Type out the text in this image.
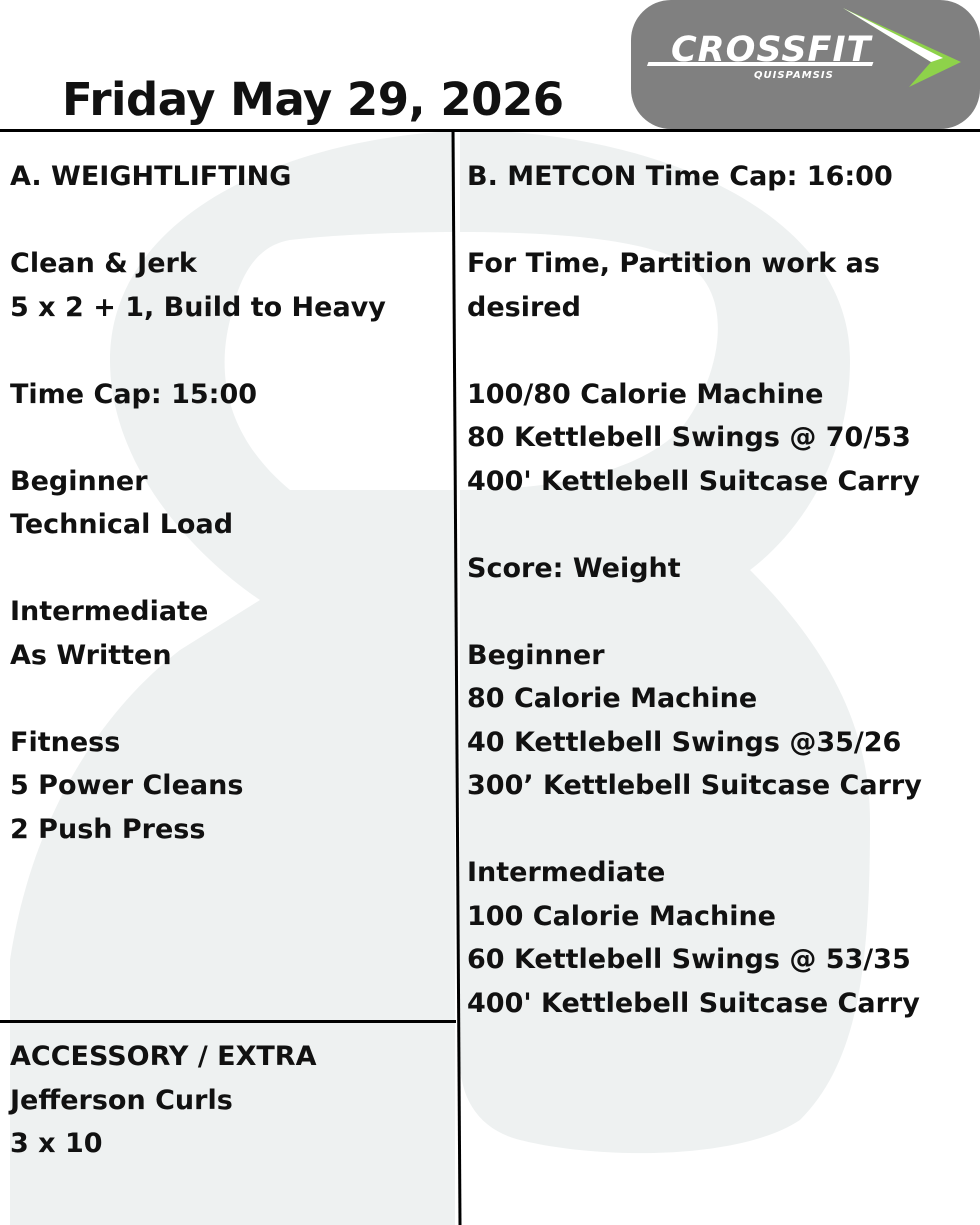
Friday May 29, 2026
CROSSFIT
QUISPAMSIS
A. WEIGHTLIFTING
Clean & Jerk
5 x 2 + 1, Build to Heavy
Time Cap: 15:00
Beginner
Technical Load
Intermediate
As Written
Fitness
5 Power Cleans
2 Push Press
ACCESSORY / EXTRA
Jefferson Curls
3 x 10
B. METCON Time Cap: 16:00
For Time, Partition work as
desired
100/80 Calorie Machine
80 Kettlebell Swings @ 70/53
400' Kettlebell Suitcase Carry
Score: Weight
Beginner
80 Calorie Machine
40 Kettlebell Swings @35/26
300’ Kettlebell Suitcase Carry
Intermediate
100 Calorie Machine
60 Kettlebell Swings @ 53/35
400' Kettlebell Suitcase Carry
